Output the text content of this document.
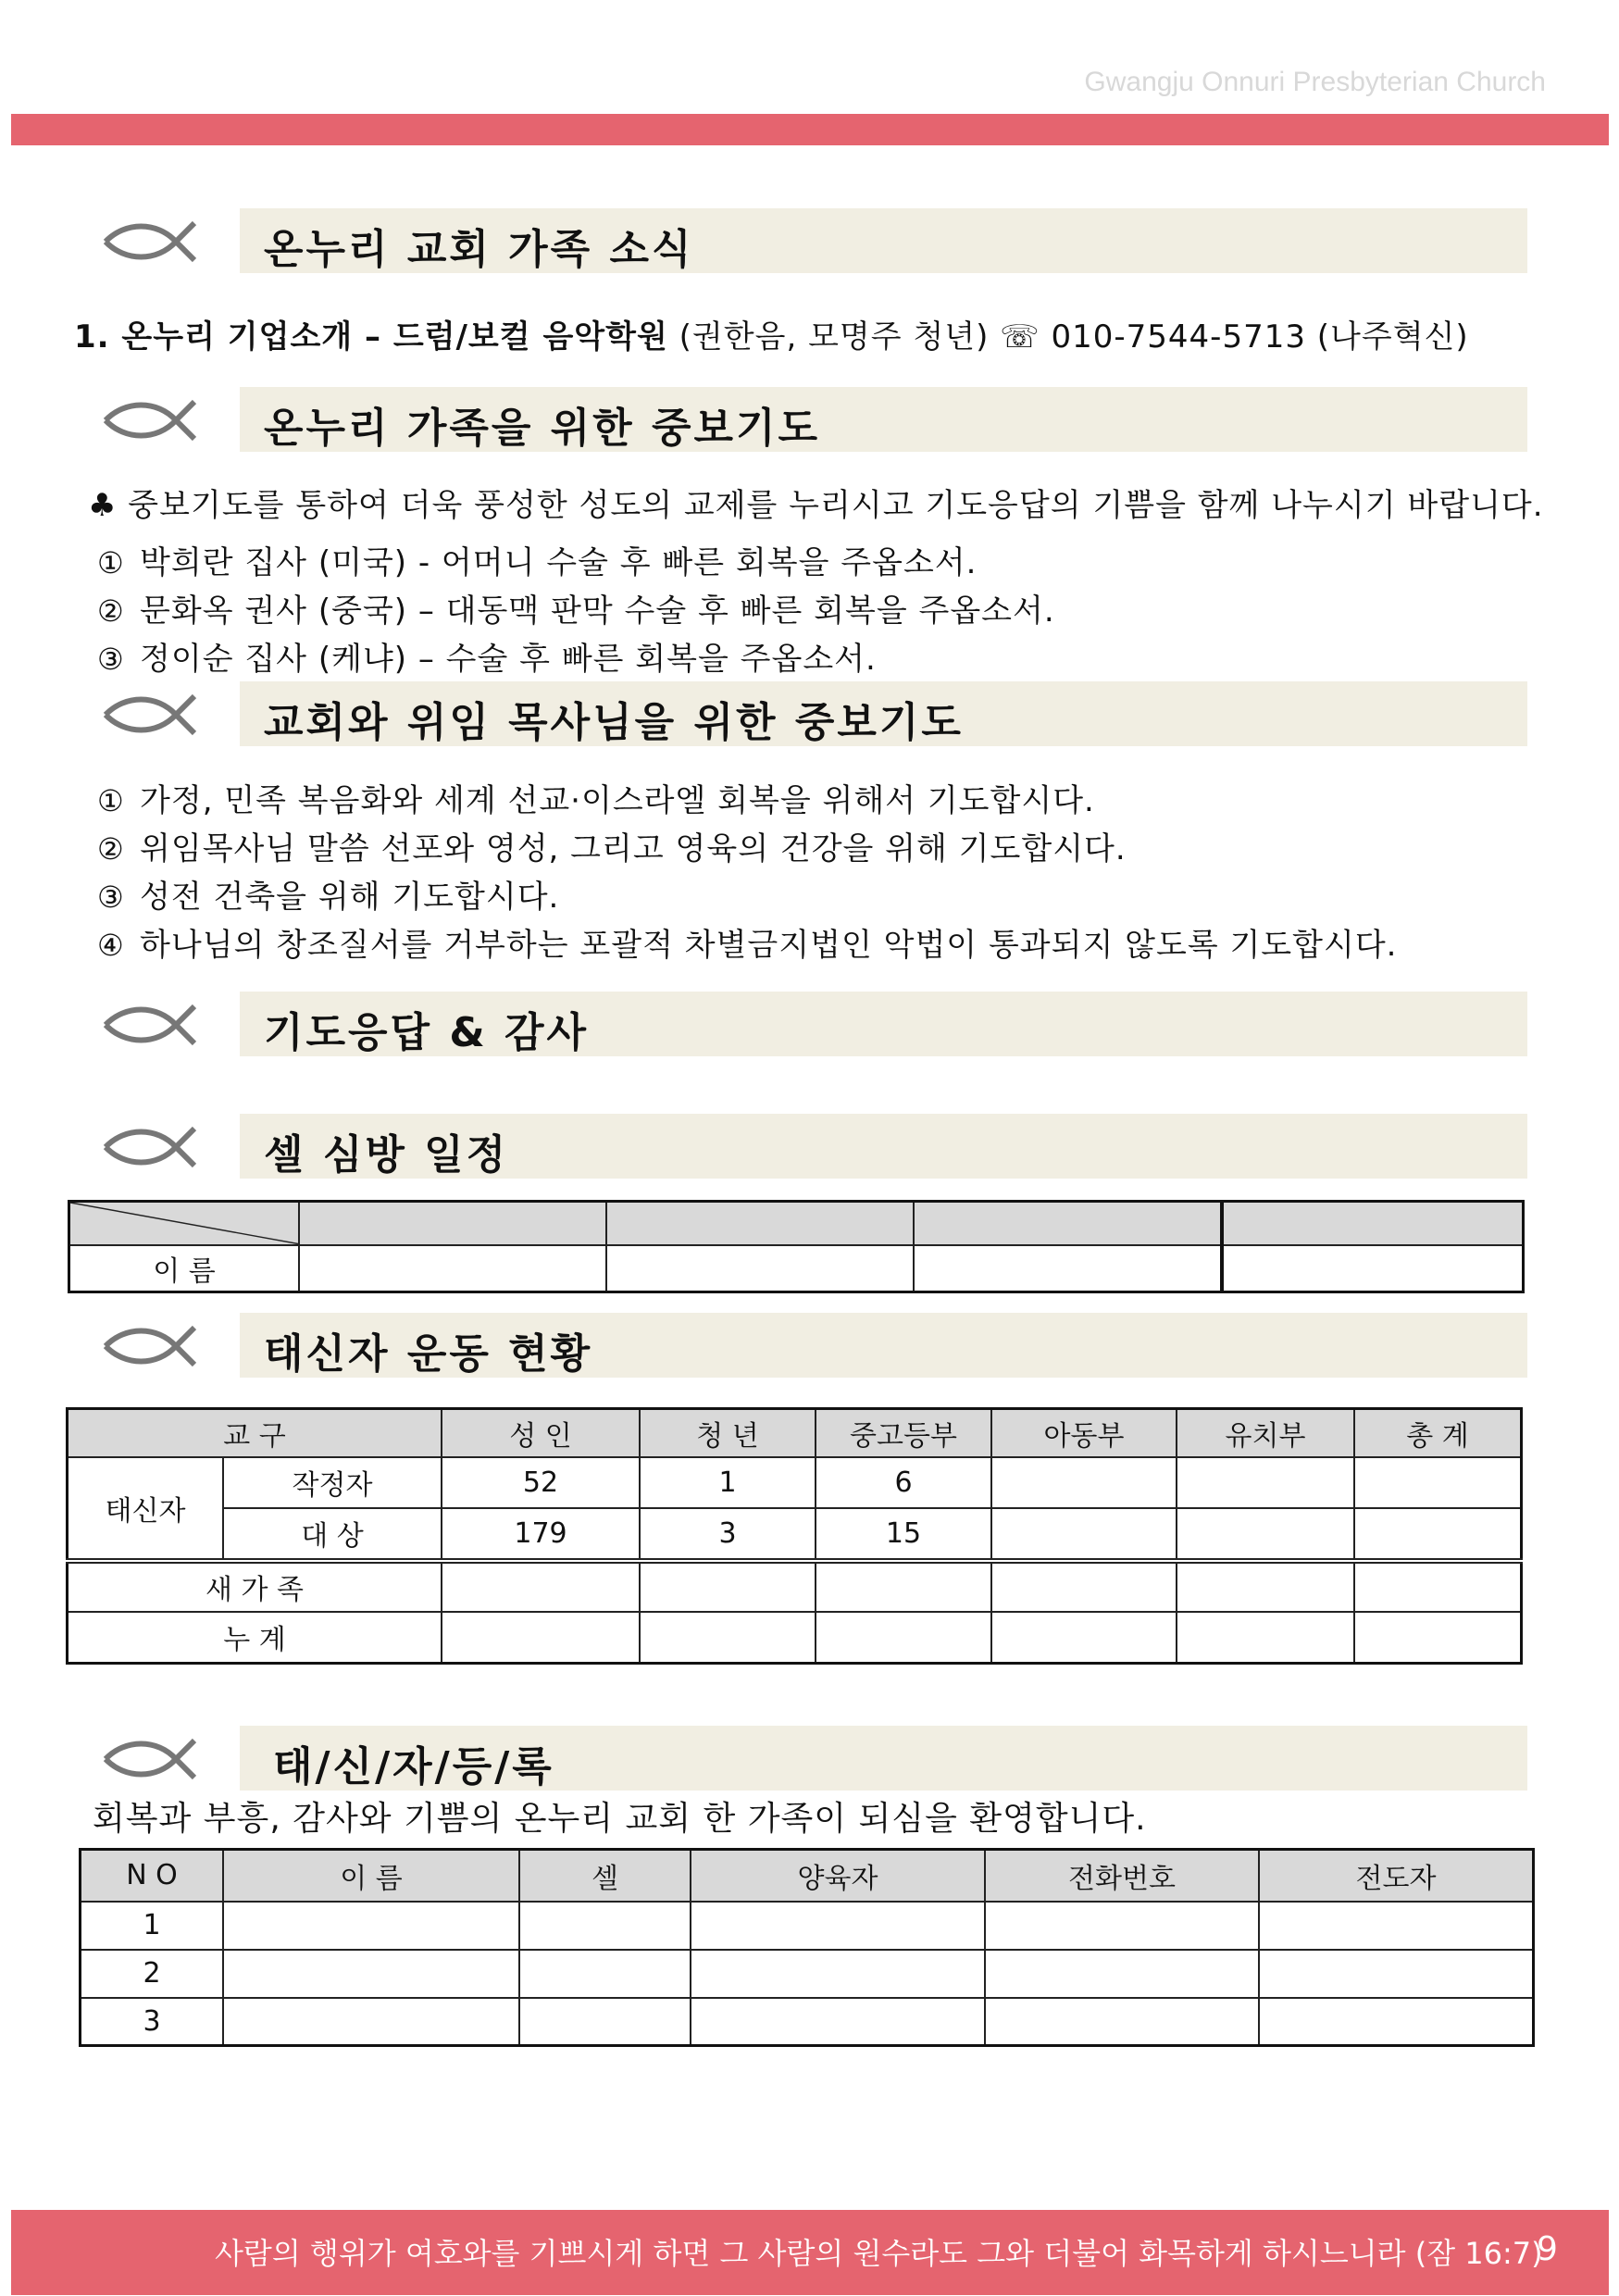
Gwangju Onnuri Presbyterian Church
온누리 교회 가족 소식
1. 온누리 기업소개 – 드럼/보컬 음악학원 (권한음, 모명주 청년) ☏ 010-7544-5713 (나주혁신)
온누리 가족을 위한 중보기도
♣ 중보기도를 통하여 더욱 풍성한 성도의 교제를 누리시고 기도응답의 기쁨을 함께 나누시기 바랍니다.
① 박희란 집사 (미국) - 어머니 수술 후 빠른 회복을 주옵소서.
② 문화옥 권사 (중국) – 대동맥 판막 수술 후 빠른 회복을 주옵소서.
③ 정이순 집사 (케냐) – 수술 후 빠른 회복을 주옵소서.
교회와 위임 목사님을 위한 중보기도
① 가정, 민족 복음화와 세계 선교·이스라엘 회복을 위해서 기도합시다.
② 위임목사님 말씀 선포와 영성, 그리고 영육의 건강을 위해 기도합시다.
③ 성전 건축을 위해 기도합시다.
④ 하나님의 창조질서를 거부하는 포괄적 차별금지법인 악법이 통과되지 않도록 기도합시다.
기도응답 & 감사
셀 심방 일정

이 름				
태신자 운동 현황
교 구		성 인	청 년	중고등부	아동부	유치부	총 계
태신자	작정자	52	1	6			
	대 상	179	3	15			
새 가 족							
누 계							
태/신/자/등/록
회복과 부흥, 감사와 기쁨의 온누리 교회 한 가족이 되심을 환영합니다.
N O	이 름	셀	양육자	전화번호	전도자
1					
2					
3					
사람의 행위가 여호와를 기쁘시게 하면 그 사람의 원수라도 그와 더불어 화목하게 하시느니라 (잠 16:7)
9
